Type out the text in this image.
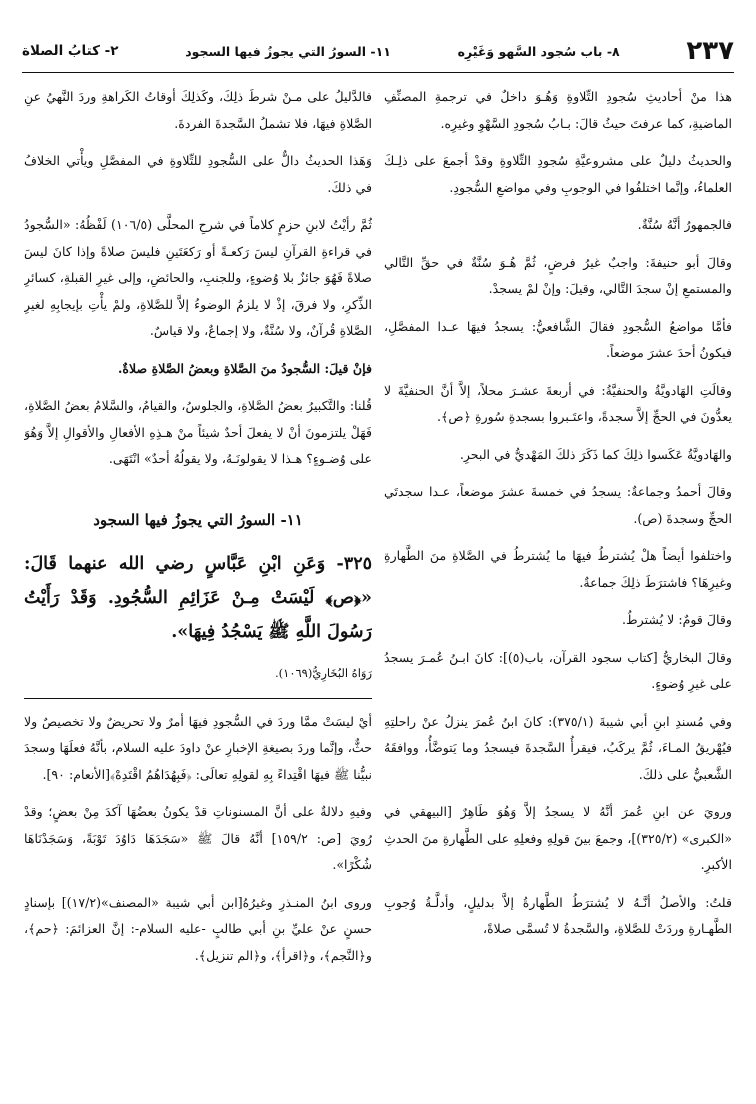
٢٣٧
٨- باب سُجود السَّهو وَغَيْرِه
١١- السورُ التي يجوزُ فيها السجود
٢- كتابُ الصلاة

هذا منْ أحاديثِ سُجودِ التِّلاوةِ وَهُـوَ داخلٌ في ترجمةِ المصنِّفِ الماضيةِ، كما عرفتَ حيثُ قالَ: بـابُ سُجودِ السَّهْوِ وغيرِه.

والحديثُ دليلٌ على مشروعيَّةِ سُجودِ التِّلاوةِ وقدْ أجمعَ على ذلِـكَ العلماءُ، وإنَّما اختلفُوا في الوجوبِ وفي مواضعِ السُّجودِ.

فالجمهورُ أنَّهُ سُنَّةٌ.

وقالَ أبو حنيفةَ: واجبٌ غيرُ فرضٍ، ثُمَّ هُـوَ سُنَّةٌ في حقِّ التَّالي والمستمعِ إنْ سجدَ التَّالي، وقيلَ: وإنْ لمْ يسجدْ.

فأمَّا مواضعُ السُّجودِ فقالَ الشَّافعيُّ: يسجدُ فيهَا عـدا المفصَّلِ، فيكونُ أحدَ عشرَ موضعاً.

وقالَتِ الهَادويَّةُ والحنفيَّةُ: في أربعةَ عشـرَ محلاً، إلاَّ أنَّ الحنفيَّةَ لا يعدُّونَ في الحجِّ إلاَّ سجدةً، واعتَـبروا بسجدةِ سُورةِ ﴿ص﴾.

والهَادويَّةُ عَكَسوا ذلِكَ كما ذَكَرَ ذلكَ المَهْديُّ في البحرِ.

وقالَ أحمدُ وجماعةٌ: يسجدُ في خمسةَ عشرَ موضعاً، عـدا سجدتَي الحجِّ وسجدةَ (ص).

واختلفوا أيضاً هلْ يُشترطُ فيهَا ما يُشترطُ في الصَّلاةِ منَ الطَّهارةِ وغيرِهَا؟ فاشترَطَ ذلِكَ جماعةٌ.

وقالَ قومٌ: لا يُشترطُ.

وقالَ البخاريُّ [كتاب سجود القرآن، باب(٥)]: كانَ ابـنُ عُمـرَ يسجدُ على غيرِ وُضوءٍ.

وفي مُسندِ ابنِ أبي شيبةَ (٣٧٥/١): كانَ ابنُ عُمرَ ينزلُ عنْ راحلتِهِ فيُهْريقُ المـاءَ، ثُمَّ يركَبُ، فيقرأُ السَّجدةَ فيسجدُ وما يَتوضَّأُ، ووافقَهُ الشَّعبيُّ على ذلكَ.

ورويَ عن ابنِ عُمرَ أنَّهُ لا يسجدُ إلاَّ وَهُوَ طَاهِرٌ [البيهقي في «الكبرى» (٣٢٥/٢)]، وجمعَ بينَ قولِهِ وفعلِهِ على الطَّهارةِ منَ الحدثِ الأكبرِ.

قلتُ: والأصلُ أنَّـهُ لا يُشترَطُ الطَّهارةُ إلاَّ بدليلٍ، وأدلَّـةُ وُجوبِ الطَّهـارةِ وردَتْ للصَّلاةِ، والسَّجدةُ لا تُسمَّى صلاةً،

فالدَّليلُ على مـنْ شرطَ ذلِكَ، وكَذلِكَ أوقاتُ الكَراهةِ وردَ النَّهيُ عنِ الصَّلاةِ فيهَا، فلا تشملُ السَّجدةَ الفردةَ.

وَهَذا الحديثُ دالٌّ على السُّجودِ للتِّلاوةِ في المفصَّلِ ويأْتي الخلافُ في ذلكَ.

ثُمَّ رأيْتُ لابنِ حزمٍ كلاماً في شرحِ المحلَّى (١٠٦/٥) لَفْظُهُ: «السُّجودُ في قراءةِ القرآنِ ليسَ رَكعـةً أو رَكعَتَينِ فليسَ صلاةً وإذا كانَ ليسَ صلاةً فَهُوَ جائزٌ بلا وُضوءٍ، وللجنبِ، والحائضِ، وإلى غيرِ القبلةِ، كسائرِ الذِّكرِ، ولا فرقَ، إذْ لا يلزمُ الوضوءُ إلاَّ للصَّلاةِ، ولمْ يأْتِ بإيجابِهِ لغيرِ الصَّلاةِ قُرآنٌ، ولا سُنَّةٌ، ولا إجماعٌ، ولا قياسٌ.

فإنْ قيلَ: السُّجودُ منَ الصَّلاةِ وبعضُ الصَّلاةِ صلاةٌ.

قُلنا: والتَّكبيرُ بعضُ الصَّلاةِ، والجلوسُ، والقيامُ، والسَّلامُ بعضُ الصَّلاةِ، فَهَلْ يلتزمونَ أنْ لا يفعلَ أحدٌ شيئاً منْ هـذِهِ الأفعالِ والأقوالِ إلاَّ وَهُوَ على وُضـوءٍ؟ هـذا لا يقولونَـهُ، ولا يقولُهُ أحدٌ» انْتَهَى.

١١- السورُ التي يجوزُ فيها السجود

٣٢٥- وَعَنِ ابْنِ عَبَّاسٍ رضي الله عنهما قَالَ: «﴿ص﴾ لَيْسَتْ مِـنْ عَزَائِمِ السُّجُودِ. وَقَدْ رَأَيْتُ رَسُولَ اللَّهِ ﷺ يَسْجُدُ فِيهَا».

رَوَاهُ البُخَارِيُّ(١٠٦٩).

أيْ ليسَتْ ممَّا وردَ في السُّجودِ فيهَا أمرٌ ولا تحريضٌ ولا تخصيصٌ ولا حثٌّ، وإنَّما وردَ بصيغةِ الإخبارِ عنْ داودَ عليه السلام، بأنَّهُ فعلَهَا وسجدَ نبيُّنا ﷺ فيهَا اقْتِداءً بِهِ لقولِهِ تعالَى: ﴿فَبِهُدَاهُمُ اقْتَدِهْ﴾[الأنعام: ٩٠].

وفيهِ دلالةٌ على أنَّ المسنوناتِ قدْ يكونُ بعضُهَا آكدَ مِنْ بعضٍ؛ وقدْ رُويَ [ص: ١٥٩/٢] أنَّهُ قالَ ﷺ «سَجَدَهَا دَاوُدَ تَوْبَةً، وَسَجَدْنَاهَا شُكْرًا».

وروى ابنُ المنـذرِ وغيرُهُ[ابن أبي شيبة «المصنف»(١٧/٢)] بإسنادٍ حسنٍ عنْ عليِّ بنِ أبي طالبٍ -عليه السلام-: إنَّ العزائمَ: ﴿حم﴾، و﴿النَّجم﴾، و﴿اقرأ﴾، و﴿الم تنزيل﴾.
